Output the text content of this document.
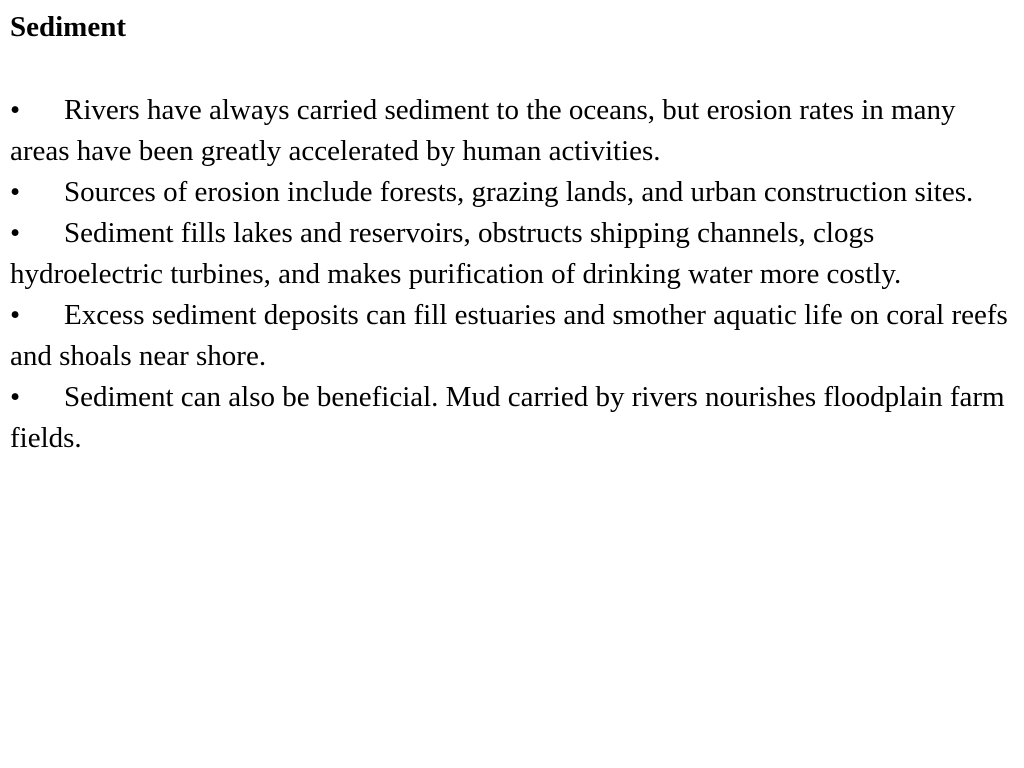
Sediment
• Rivers have always carried sediment to the oceans, but erosion rates in many areas have been greatly accelerated by human activities.
• Sources of erosion include forests, grazing lands, and urban construction sites.
• Sediment fills lakes and reservoirs, obstructs shipping channels, clogs hydroelectric turbines, and makes purification of drinking water more costly.
• Excess sediment deposits can fill estuaries and smother aquatic life on coral reefs and shoals near shore.
• Sediment can also be beneficial. Mud carried by rivers nourishes floodplain farm fields.
